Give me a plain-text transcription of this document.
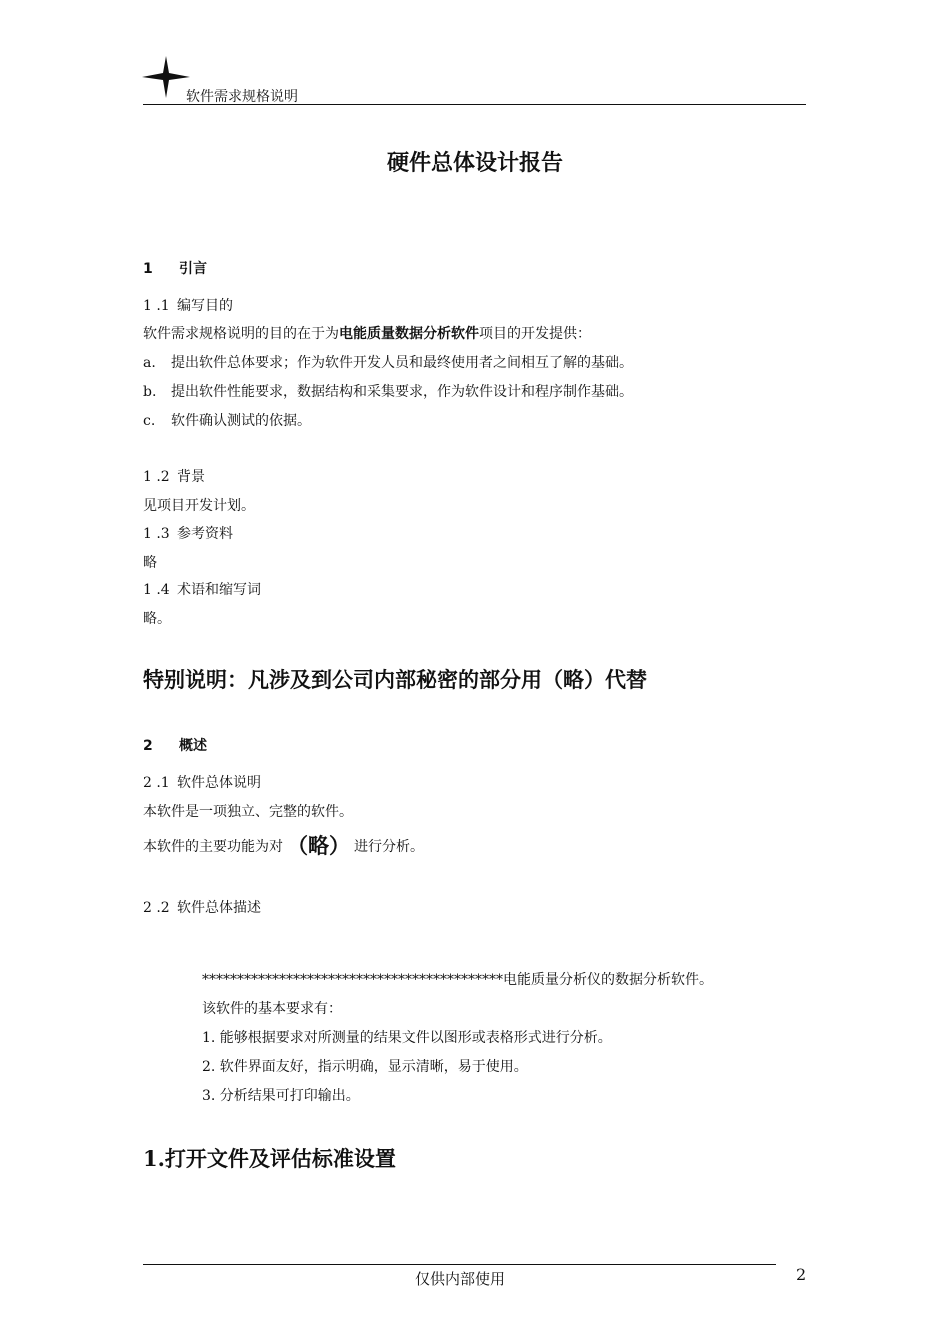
软件需求规格说明
硬件总体设计报告
1 引言
1 .1 编写目的
软件需求规格说明的目的在于为电能质量数据分析软件项目的开发提供：
a. 提出软件总体要求；作为软件开发人员和最终使用者之间相互了解的基础。
b. 提出软件性能要求，数据结构和采集要求，作为软件设计和程序制作基础。
c. 软件确认测试的依据。
1 .2 背景
见项目开发计划。
1 .3 参考资料
略
1 .4 术语和缩写词
略。
特别说明：凡涉及到公司内部秘密的部分用（略）代替
2 概述
2 .1 软件总体说明
本软件是一项独立、完整的软件。
本软件的主要功能为对 （略） 进行分析。
2 .2 软件总体描述
*******************************************电能质量分析仪的数据分析软件。
该软件的基本要求有：
1. 能够根据要求对所测量的结果文件以图形或表格形式进行分析。
2. 软件界面友好，指示明确，显示清晰，易于使用。
3. 分析结果可打印输出。
1.打开文件及评估标准设置
仅供内部使用	2
